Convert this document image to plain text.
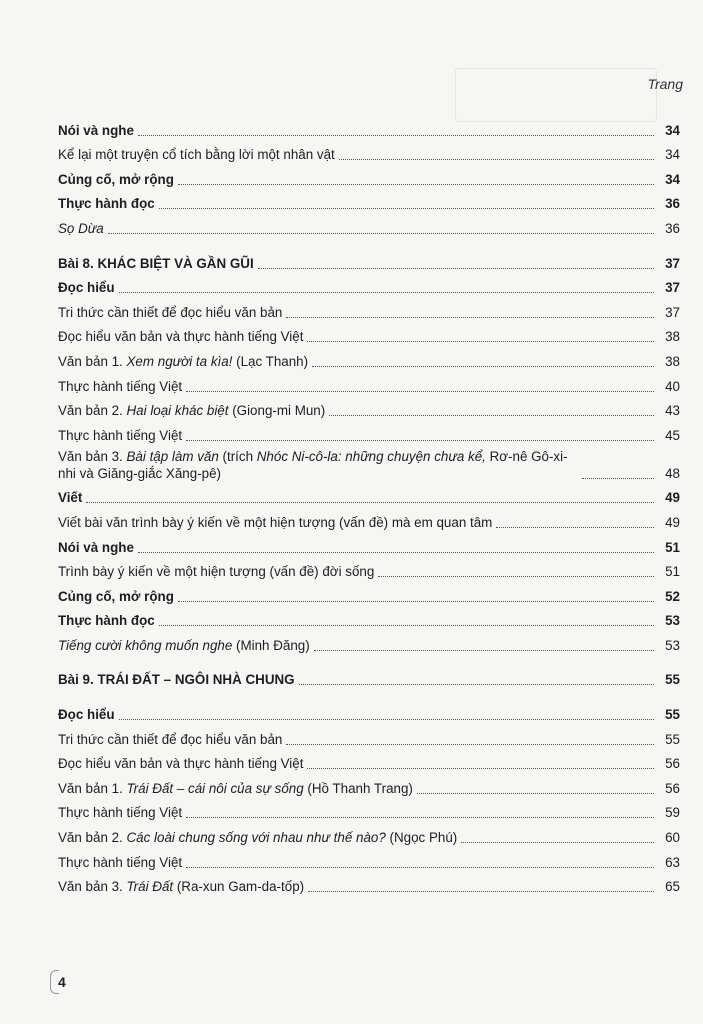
Trang
Nói và nghe	34
Kể lại một truyện cổ tích bằng lời một nhân vật	34
Củng cố, mở rộng	34
Thực hành đọc	36
Sọ Dừa	36
Bài 8. KHÁC BIỆT VÀ GẦN GŨI	37
Đọc hiểu	37
Tri thức cần thiết để đọc hiểu văn bản	37
Đọc hiểu văn bản và thực hành tiếng Việt	38
Văn bản 1. Xem người ta kìa! (Lạc Thanh)	38
Thực hành tiếng Việt	40
Văn bản 2. Hai loại khác biệt (Giong-mi Mun)	43
Thực hành tiếng Việt	45
Văn bản 3. Bài tập làm văn (trích Nhóc Ni-cô-la: những chuyện chưa kể, Rơ-nê Gô-xi-nhi và Giăng-giắc Xăng-pê)	48
Viết	49
Viết bài văn trình bày ý kiến về một hiện tượng (vấn đề) mà em quan tâm	49
Nói và nghe	51
Trình bày ý kiến về một hiện tượng (vấn đề) đời sống	51
Củng cố, mở rộng	52
Thực hành đọc	53
Tiếng cười không muốn nghe (Minh Đăng)	53
Bài 9. TRÁI ĐẤT – NGÔI NHÀ CHUNG	55
Đọc hiểu	55
Tri thức cần thiết để đọc hiểu văn bản	55
Đọc hiểu văn bản và thực hành tiếng Việt	56
Văn bản 1. Trái Đất – cái nôi của sự sống (Hồ Thanh Trang)	56
Thực hành tiếng Việt	59
Văn bản 2. Các loài chung sống với nhau như thế nào? (Ngọc Phú)	60
Thực hành tiếng Việt	63
Văn bản 3. Trái Đất (Ra-xun Gam-da-tốp)	65
4
